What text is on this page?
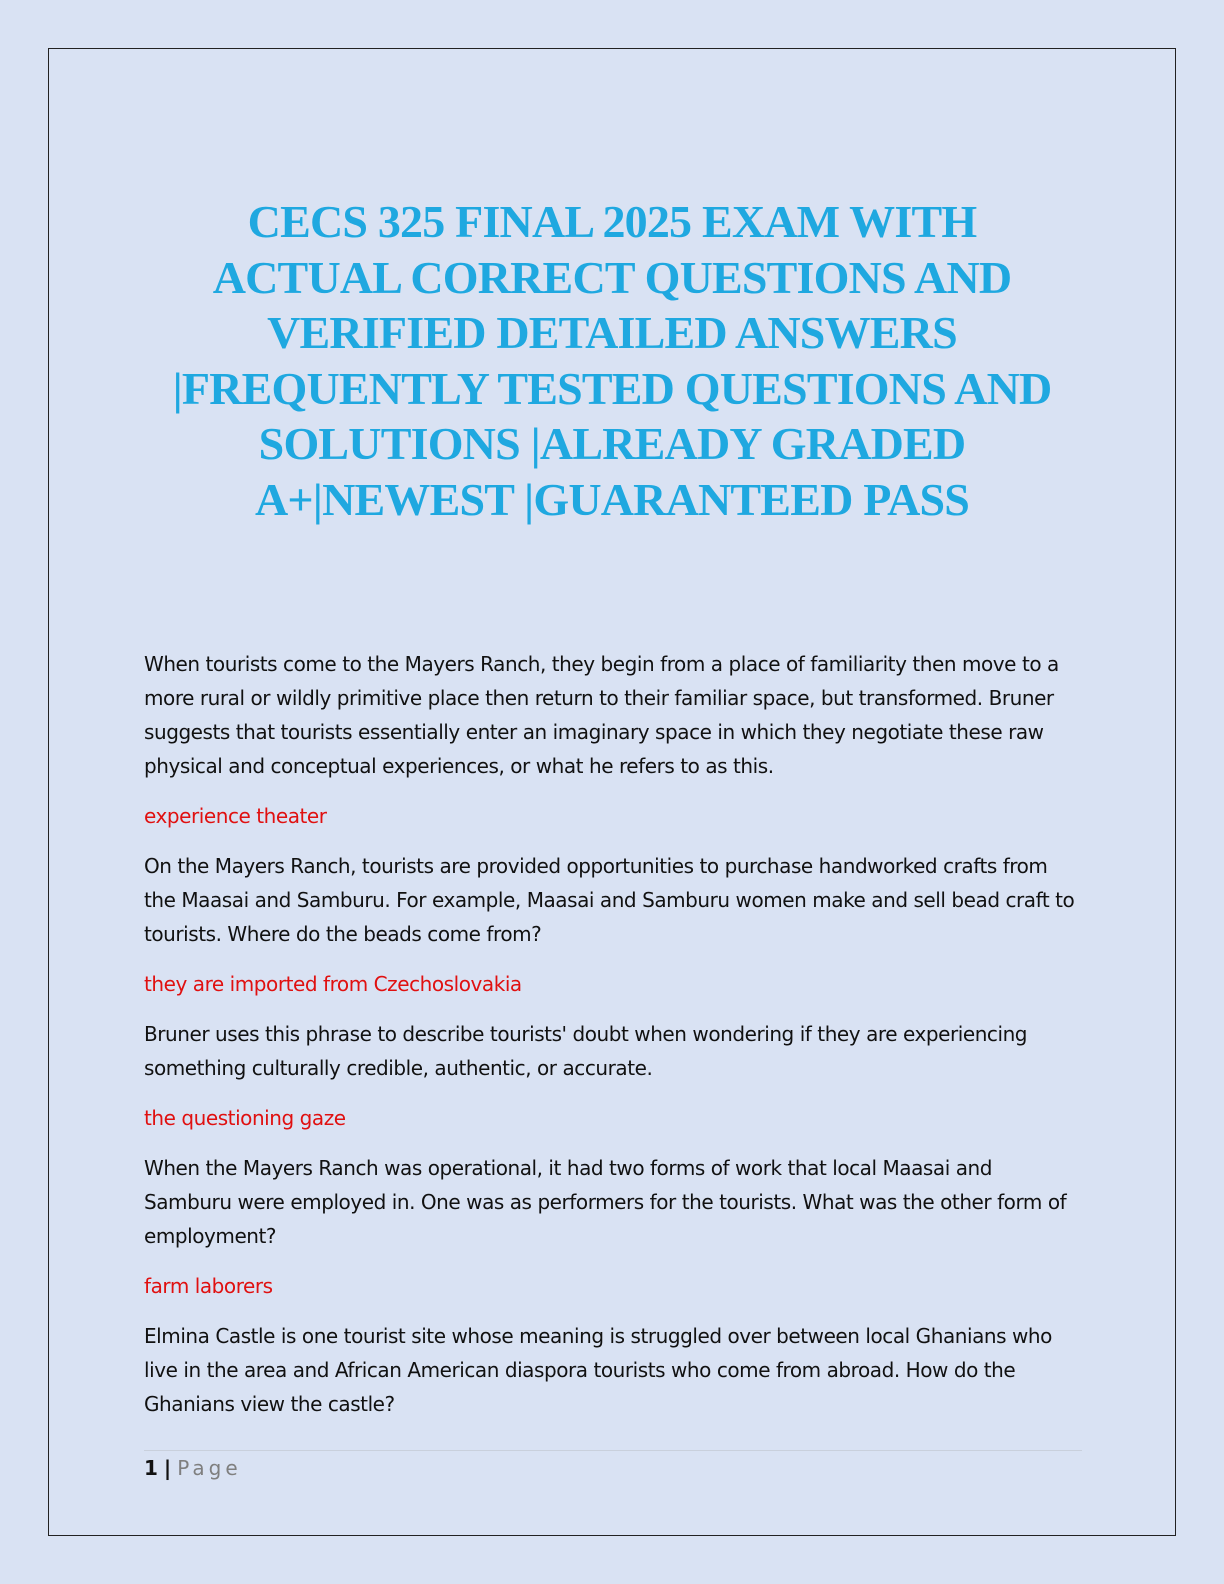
CECS 325 FINAL 2025 EXAM WITH
ACTUAL CORRECT QUESTIONS AND
VERIFIED DETAILED ANSWERS
|FREQUENTLY TESTED QUESTIONS AND
SOLUTIONS |ALREADY GRADED
A+|NEWEST |GUARANTEED PASS

When tourists come to the Mayers Ranch, they begin from a place of familiarity then move to a more rural or wildly primitive place then return to their familiar space, but transformed. Bruner suggests that tourists essentially enter an imaginary space in which they negotiate these raw physical and conceptual experiences, or what he refers to as this.

experience theater

On the Mayers Ranch, tourists are provided opportunities to purchase handworked crafts from the Maasai and Samburu. For example, Maasai and Samburu women make and sell bead craft to tourists. Where do the beads come from?

they are imported from Czechoslovakia

Bruner uses this phrase to describe tourists' doubt when wondering if they are experiencing something culturally credible, authentic, or accurate.

the questioning gaze

When the Mayers Ranch was operational, it had two forms of work that local Maasai and Samburu were employed in. One was as performers for the tourists. What was the other form of employment?

farm laborers

Elmina Castle is one tourist site whose meaning is struggled over between local Ghanians who live in the area and African American diaspora tourists who come from abroad. How do the Ghanians view the castle?

1 | Page
